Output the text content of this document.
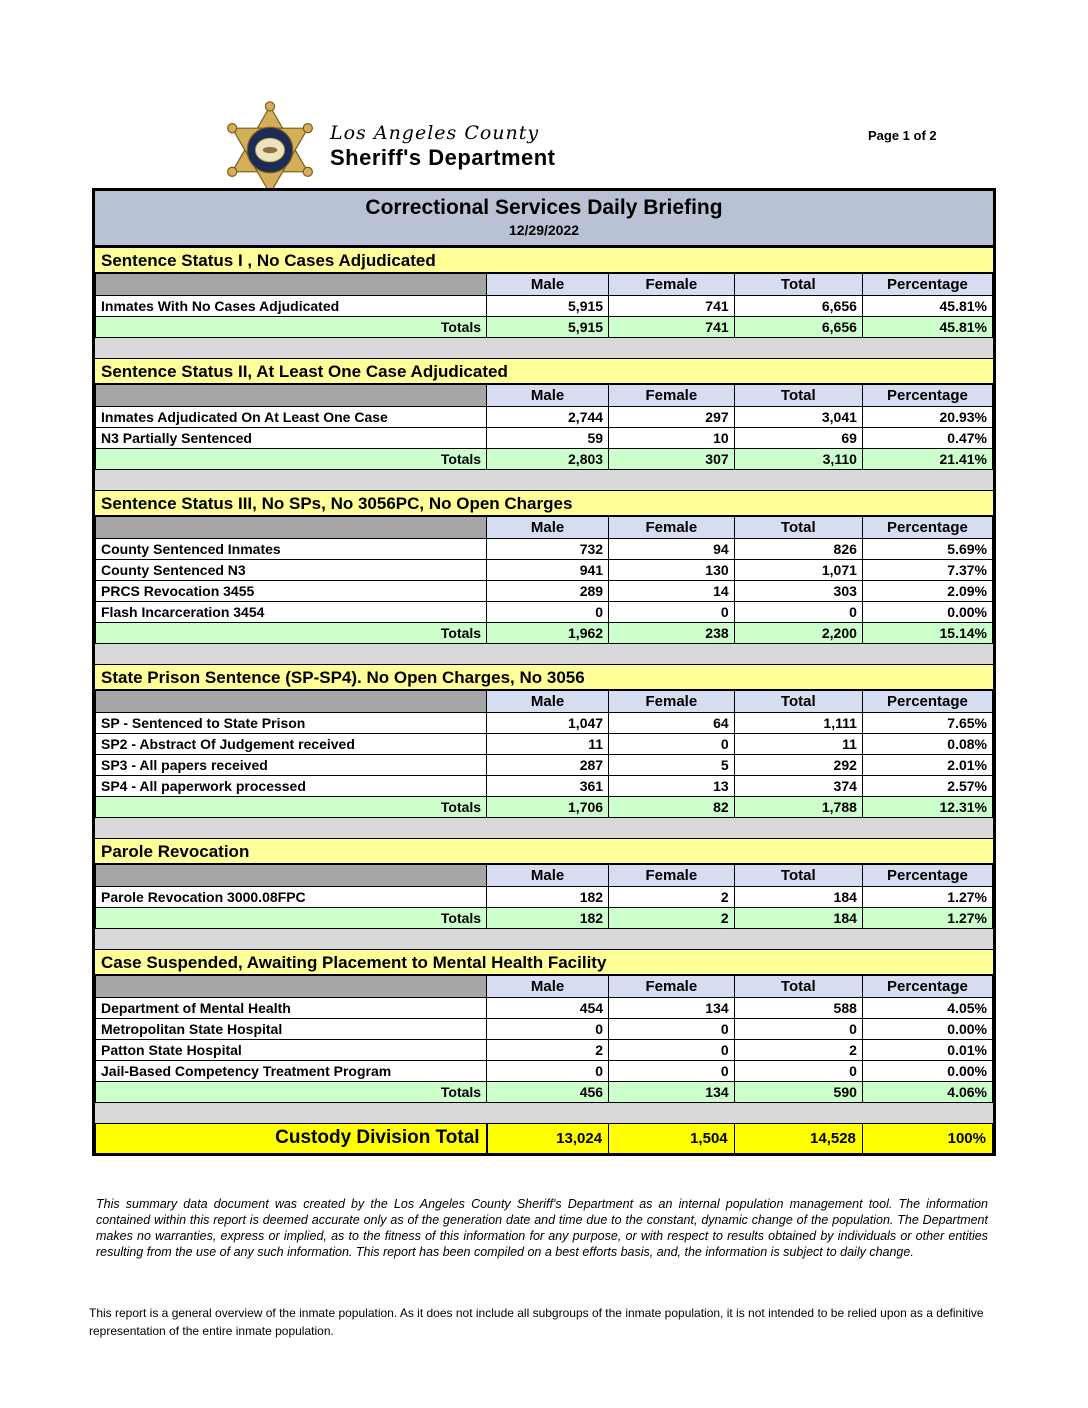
Los Angeles County
Sheriff's Department
Page 1 of 2
Correctional Services Daily Briefing
12/29/2022
Sentence Status I , No Cases Adjudicated
	Male	Female	Total	Percentage
Inmates With No Cases Adjudicated	5,915	741	6,656	45.81%
Totals	5,915	741	6,656	45.81%
Sentence Status II, At Least One Case Adjudicated
	Male	Female	Total	Percentage
Inmates Adjudicated On At Least One Case	2,744	297	3,041	20.93%
N3 Partially Sentenced	59	10	69	0.47%
Totals	2,803	307	3,110	21.41%
Sentence Status III, No SPs, No 3056PC, No Open Charges
	Male	Female	Total	Percentage
County Sentenced Inmates	732	94	826	5.69%
County Sentenced N3	941	130	1,071	7.37%
PRCS Revocation 3455	289	14	303	2.09%
Flash Incarceration 3454	0	0	0	0.00%
Totals	1,962	238	2,200	15.14%
State Prison Sentence (SP-SP4). No Open Charges, No 3056
	Male	Female	Total	Percentage
SP - Sentenced to State Prison	1,047	64	1,111	7.65%
SP2 - Abstract Of Judgement received	11	0	11	0.08%
SP3 - All papers received	287	5	292	2.01%
SP4 - All paperwork processed	361	13	374	2.57%
Totals	1,706	82	1,788	12.31%
Parole Revocation
	Male	Female	Total	Percentage
Parole Revocation 3000.08FPC	182	2	184	1.27%
Totals	182	2	184	1.27%
Case Suspended, Awaiting Placement to Mental Health Facility
	Male	Female	Total	Percentage
Department of Mental Health	454	134	588	4.05%
Metropolitan State Hospital	0	0	0	0.00%
Patton State Hospital	2	0	2	0.01%
Jail-Based Competency Treatment Program	0	0	0	0.00%
Totals	456	134	590	4.06%
Custody Division Total	13,024	1,504	14,528	100%
This summary data document was created by the Los Angeles County Sheriff's Department as an internal population management tool. The information contained within this report is deemed accurate only as of the generation date and time due to the constant, dynamic change of the population. The Department makes no warranties, express or implied, as to the fitness of this information for any purpose, or with respect to results obtained by individuals or other entities resulting from the use of any such information. This report has been compiled on a best efforts basis, and, the information is subject to daily change.
This report is a general overview of the inmate population. As it does not include all subgroups of the inmate population, it is not intended to be relied upon as a definitive representation of the entire inmate population.
